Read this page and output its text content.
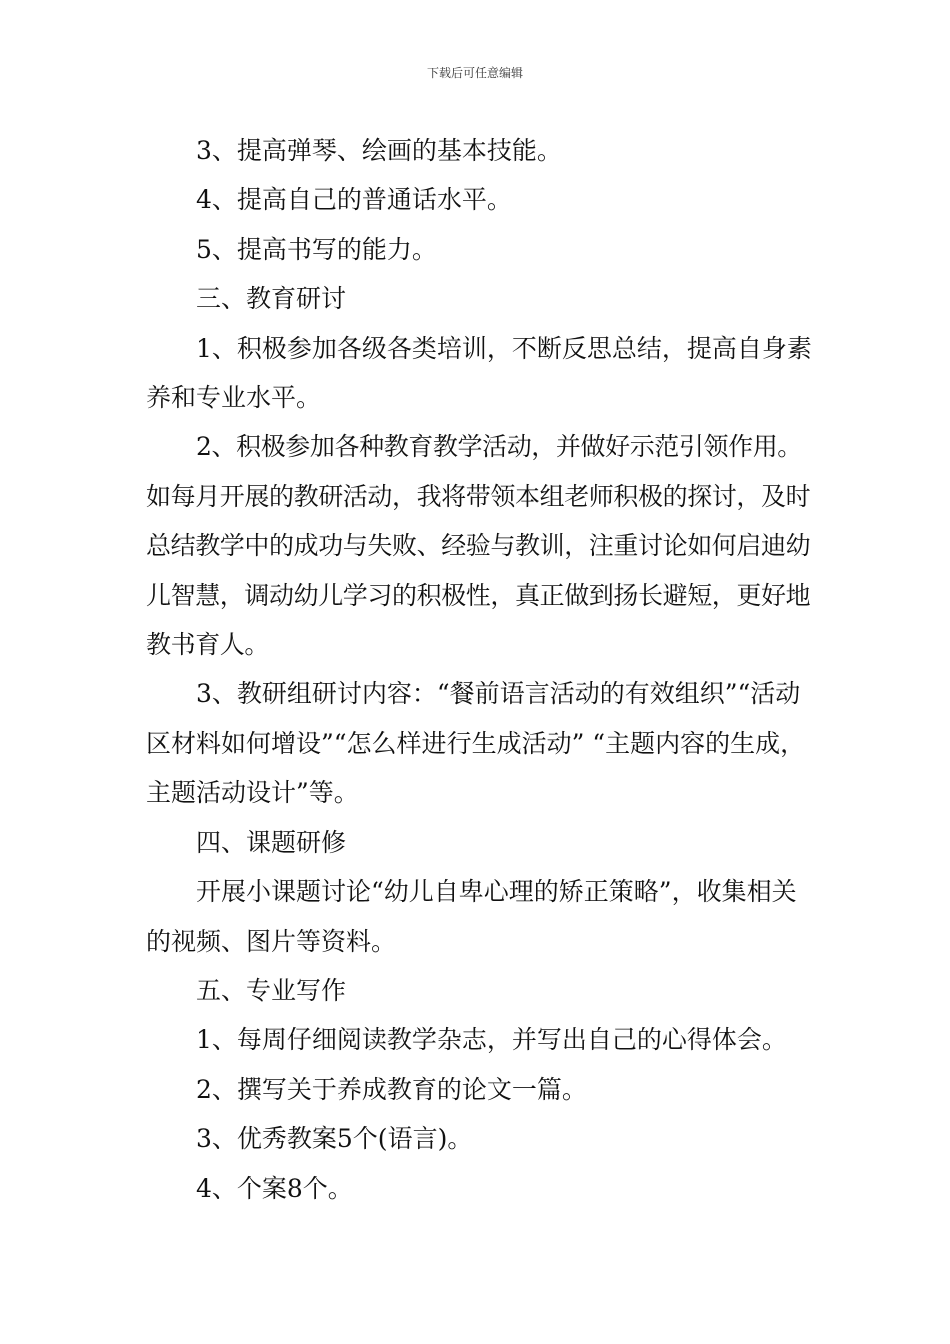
下载后可任意编辑

3、提高弹琴、绘画的基本技能。

4、提高自己的普通话水平。

5、提高书写的能力。

三、教育研讨

1、积极参加各级各类培训，不断反思总结，提高自身素养和专业水平。

2、积极参加各种教育教学活动，并做好示范引领作用。如每月开展的教研活动，我将带领本组老师积极的探讨，及时总结教学中的成功与失败、经验与教训，注重讨论如何启迪幼儿智慧，调动幼儿学习的积极性，真正做到扬长避短，更好地教书育人。

3、教研组研讨内容：“餐前语言活动的有效组织”“活动区材料如何增设”“怎么样进行生成活动” “主题内容的生成，主题活动设计”等。

四、课题研修

开展小课题讨论“幼儿自卑心理的矫正策略”，收集相关的视频、图片等资料。

五、专业写作

1、每周仔细阅读教学杂志，并写出自己的心得体会。

2、撰写关于养成教育的论文一篇。

3、优秀教案5个(语言)。

4、个案8个。
